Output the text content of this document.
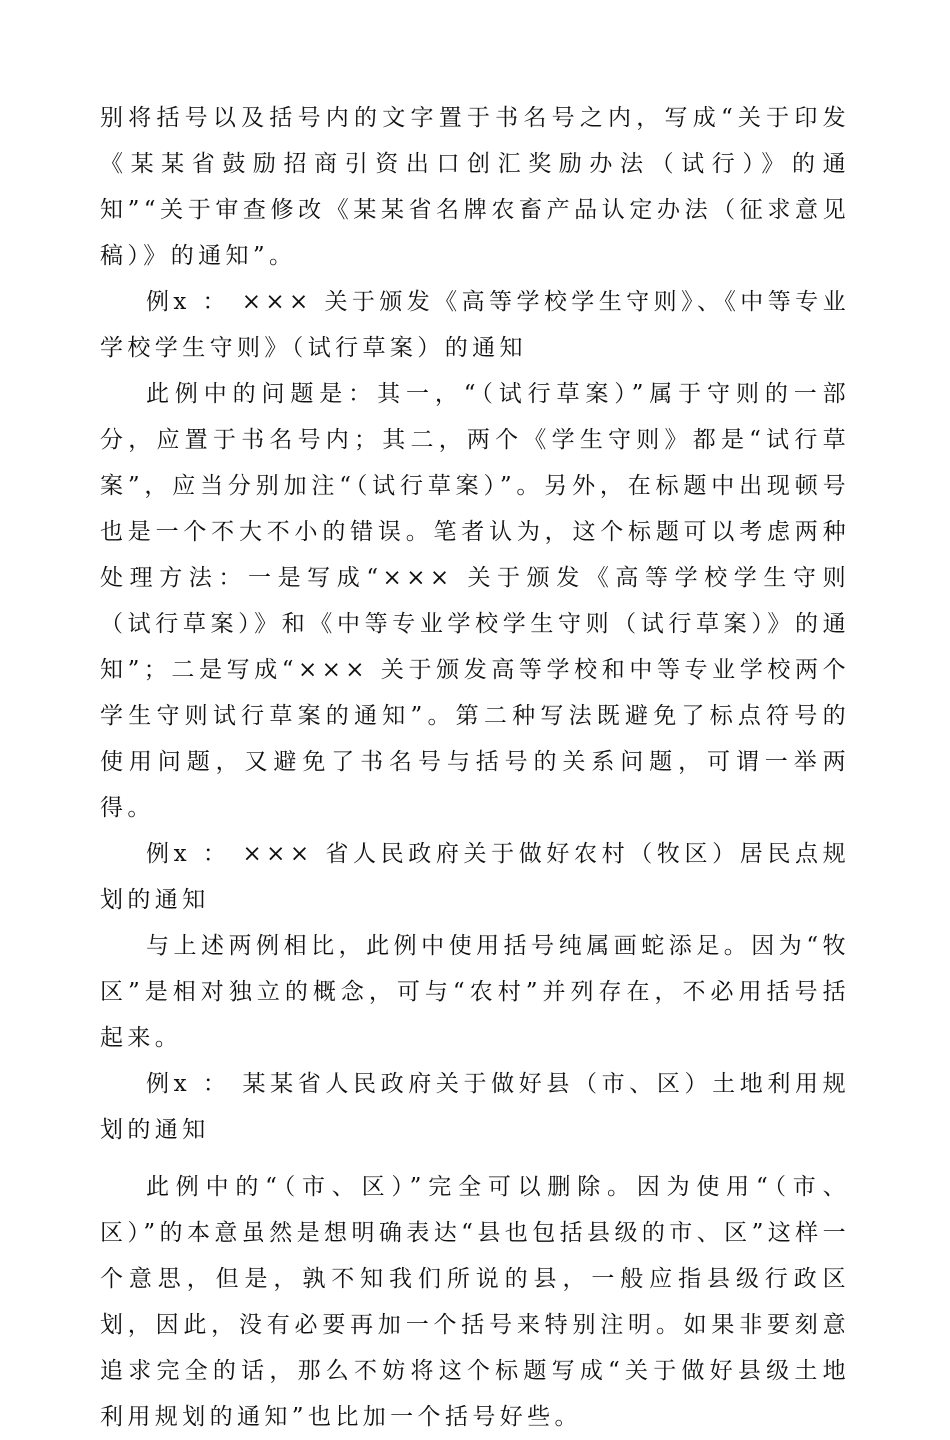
别将括号以及括号内的文字置于书名号之内，写成“关于印发《某某省鼓励招商引资出口创汇奖励办法（试行）》的通知”“关于审查修改《某某省名牌农畜产品认定办法（征求意见稿）》的通知”。

例x ： ××× 关于颁发《高等学校学生守则》、《中等专业学校学生守则》（试行草案）的通知

此例中的问题是：其一，“（试行草案）”属于守则的一部分，应置于书名号内；其二，两个《学生守则》都是“试行草案”，应当分别加注“（试行草案）”。另外，在标题中出现顿号也是一个不大不小的错误。笔者认为，这个标题可以考虑两种处理方法：一是写成“××× 关于颁发《高等学校学生守则（试行草案）》和《中等专业学校学生守则（试行草案）》的通知”；二是写成“××× 关于颁发高等学校和中等专业学校两个学生守则试行草案的通知”。第二种写法既避免了标点符号的使用问题，又避免了书名号与括号的关系问题，可谓一举两得。

例x ： ××× 省人民政府关于做好农村（牧区）居民点规划的通知

与上述两例相比，此例中使用括号纯属画蛇添足。因为“牧区”是相对独立的概念，可与“农村”并列存在，不必用括号括起来。

例x ： 某某省人民政府关于做好县（市、区）土地利用规划的通知

此例中的“（市、区）”完全可以删除。因为使用“（市、区）”的本意虽然是想明确表达“县也包括县级的市、区”这样一个意思，但是，孰不知我们所说的县，一般应指县级行政区划，因此，没有必要再加一个括号来特别注明。如果非要刻意追求完全的话，那么不妨将这个标题写成“关于做好县级土地利用规划的通知”也比加一个括号好些。
